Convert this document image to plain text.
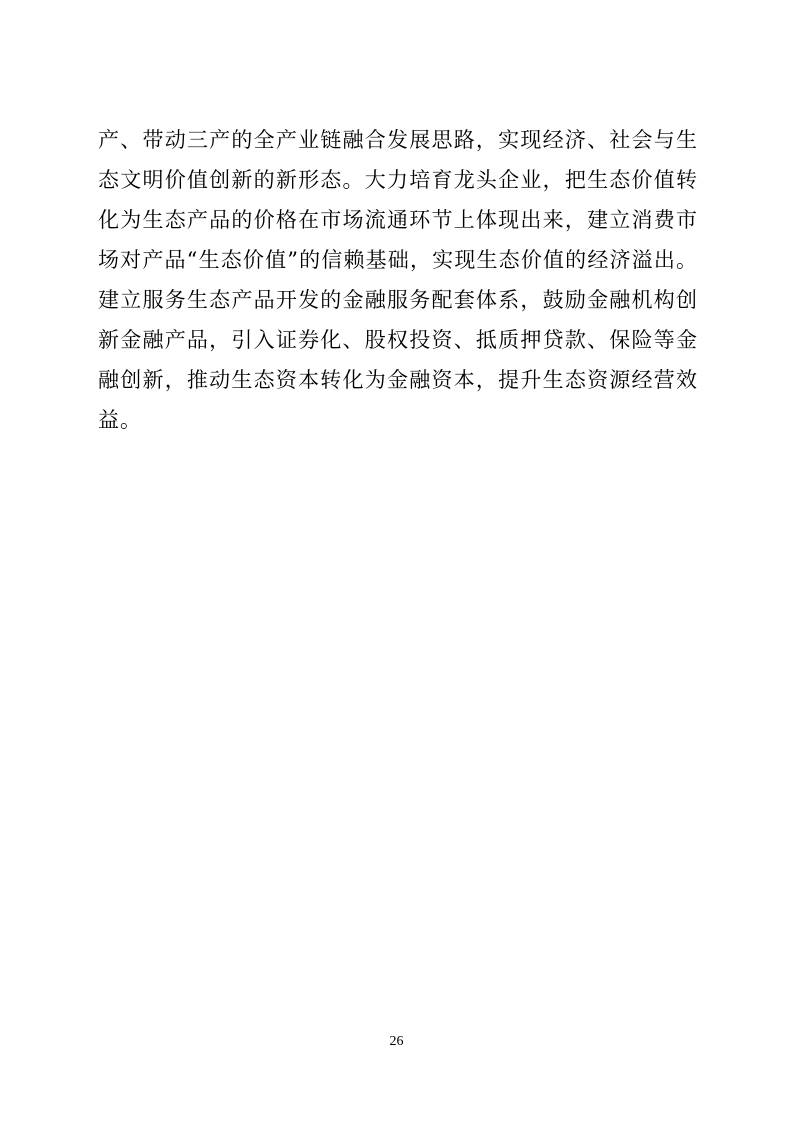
产、带动三产的全产业链融合发展思路，实现经济、社会与生
态文明价值创新的新形态。大力培育龙头企业，把生态价值转
化为生态产品的价格在市场流通环节上体现出来，建立消费市
场对产品“生态价值”的信赖基础，实现生态价值的经济溢出。
建立服务生态产品开发的金融服务配套体系，鼓励金融机构创
新金融产品，引入证券化、股权投资、抵质押贷款、保险等金
融创新，推动生态资本转化为金融资本，提升生态资源经营效
益。
26
